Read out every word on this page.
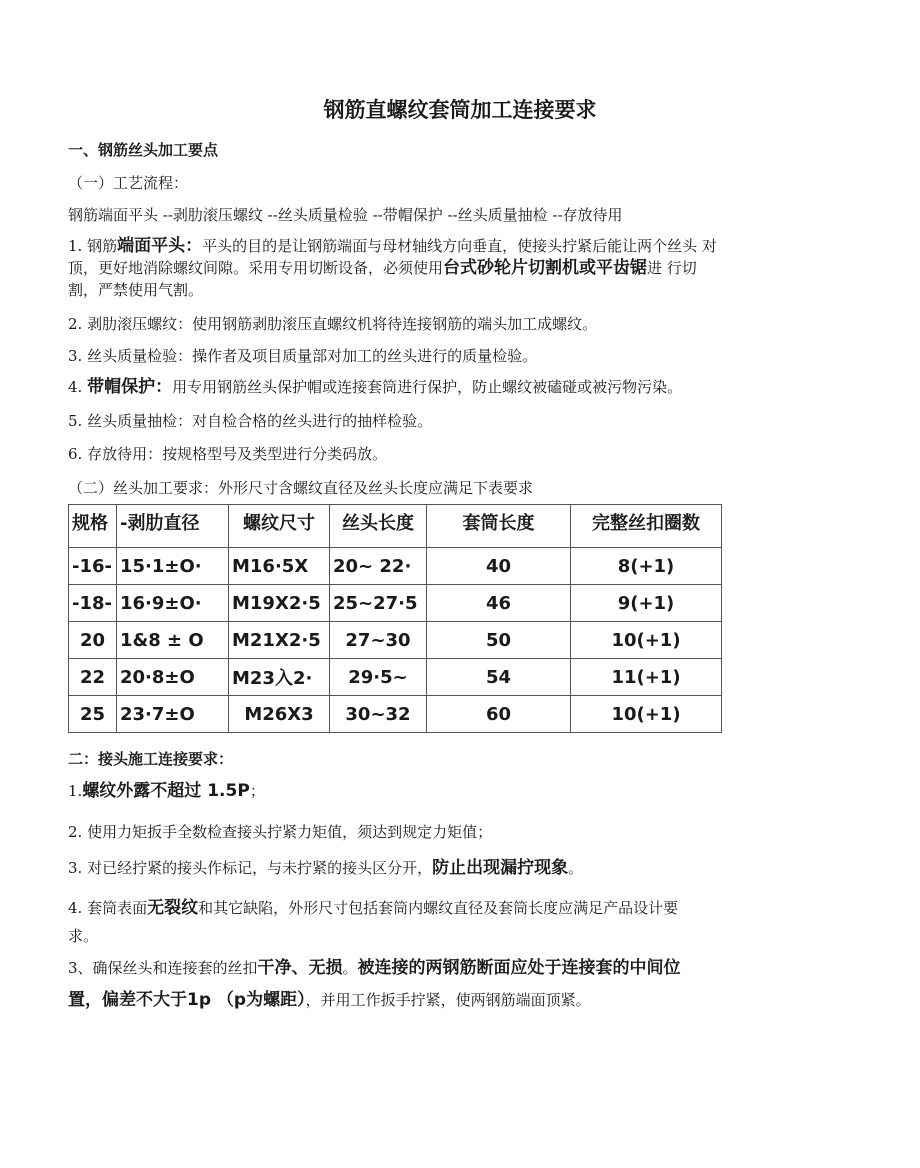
钢筋直螺纹套筒加工连接要求
一、钢筋丝头加工要点
（一）工艺流程：
钢筋端面平头 --剥肋滚压螺纹 --丝头质量检验 --带帽保护 --丝头质量抽检 --存放待用
1. 钢筋端面平头：平头的目的是让钢筋端面与母材轴线方向垂直，使接头拧紧后能让两个丝头 对
顶，更好地消除螺纹间隙。采用专用切断设备，必须使用台式砂轮片切割机或平齿锯进 行切
割，严禁使用气割。
2. 剥肋滚压螺纹：使用钢筋剥肋滚压直螺纹机将待连接钢筋的端头加工成螺纹。
3. 丝头质量检验：操作者及项目质量部对加工的丝头进行的质量检验。
4. 带帽保护：用专用钢筋丝头保护帽或连接套筒进行保护，防止螺纹被磕碰或被污物污染。
5. 丝头质量抽检：对自检合格的丝头进行的抽样检验。
6. 存放待用：按规格型号及类型进行分类码放。
（二）丝头加工要求：外形尺寸含螺纹直径及丝头长度应满足下表要求
规格	-剥肋直径	螺纹尺寸	丝头长度	套筒长度	完整丝扣圈数
-16-	15·1±O·	M16·5X	20~ 22·	40	8(+1)
-18-	16·9±O·	M19X2·5	25~27·5	46	9(+1)
20	1&8 ± O	M21X2·5	27~30	50	10(+1)
22	20·8±O	M23入2·	29·5~	54	11(+1)
25	23·7±O	M26X3	30~32	60	10(+1)
二：接头施工连接要求：
1.螺纹外露不超过 1.5P；
2. 使用力矩扳手全数检查接头拧紧力矩值，须达到规定力矩值；
3. 对已经拧紧的接头作标记，与未拧紧的接头区分开，防止出现漏拧现象。
4. 套筒表面无裂纹和其它缺陷，外形尺寸包括套筒内螺纹直径及套筒长度应满足产品设计要
求。
3、确保丝头和连接套的丝扣干净、无损。被连接的两钢筋断面应处于连接套的中间位
置，偏差不大于1p （p为螺距），并用工作扳手拧紧，使两钢筋端面顶紧。
